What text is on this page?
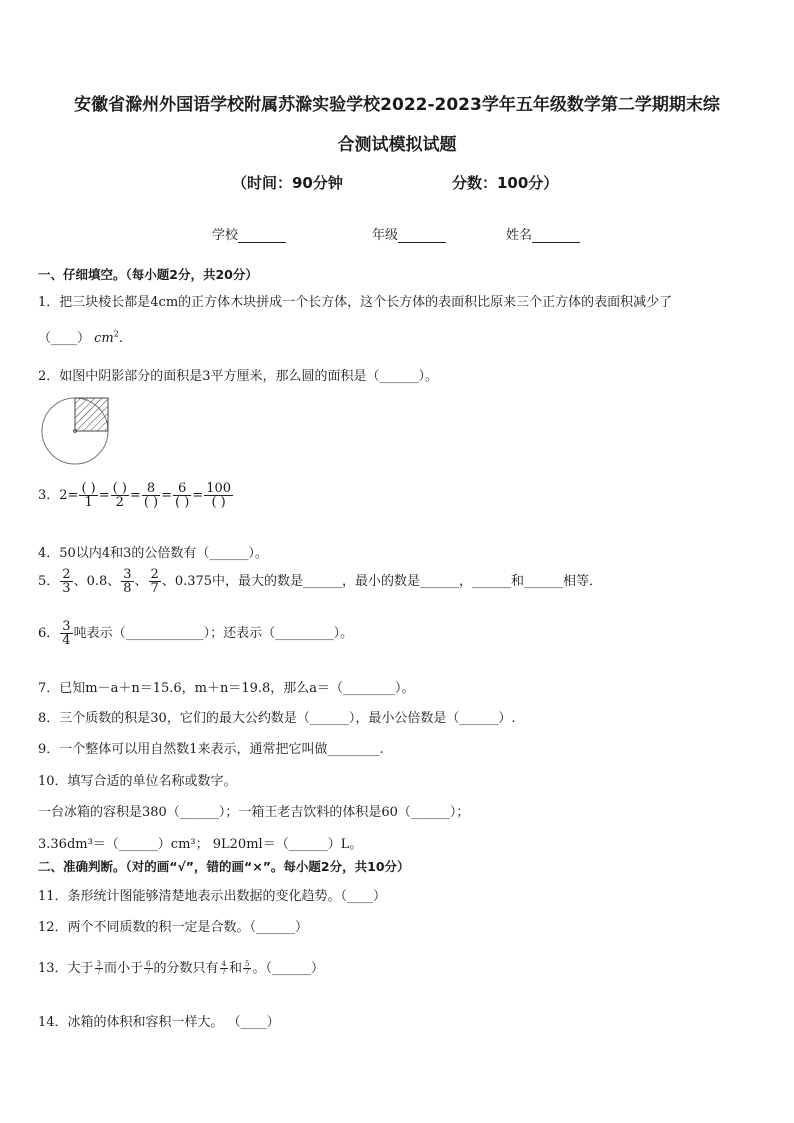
安徽省滁州外国语学校附属苏滁实验学校2022-2023学年五年级数学第二学期期末综
合测试模拟试题
（时间：90分钟	分数：100分）
学校	年级	姓名
一、仔细填空。（每小题2分，共20分）
1．把三块棱长都是4cm的正方体木块拼成一个长方体，这个长方体的表面积比原来三个正方体的表面积减少了
（____） $cm^2$.
2．如图中阴影部分的面积是3平方厘米，那么圆的面积是（______）。
3．$2= \frac{( )}{1} = \frac{( )}{2} = \frac{8}{( )} = \frac{6}{( )} = \frac{100}{( )}$
4．50以内4和3的公倍数有（______）。
5． $\frac{2}{3}$ 、0.8、 $\frac{3}{8}$ 、 $\frac{2}{7}$ 、0.375中，最大的数是______，最小的数是______，______和______相等．
6． $\frac{3}{4}$ 吨表示（____________）；还表示（_________）。
7．已知m－a＋n＝15.6，m＋n＝19.8，那么a＝（________）。
8．三个质数的积是30，它们的最大公约数是（______），最小公倍数是（______）.
9．一个整体可以用自然数1来表示，通常把它叫做________.
10．填写合适的单位名称或数字。
一台冰箱的容积是380（______）；一箱王老吉饮料的体积是60（______）；
3.36dm³＝（______）cm³； 9L20ml＝（______）L。
二、准确判断。（对的画“√”，错的画“×”。每小题2分，共10分）
11．条形统计图能够清楚地表示出数据的变化趋势。（____）
12．两个不同质数的积一定是合数。（______）
13．大于 $\frac{3}{7}$ 而小于 $\frac{6}{7}$ 的分数只有 $\frac{4}{7}$ 和 $\frac{5}{7}$ 。（______）
14．冰箱的体积和容积一样大。 （____）
